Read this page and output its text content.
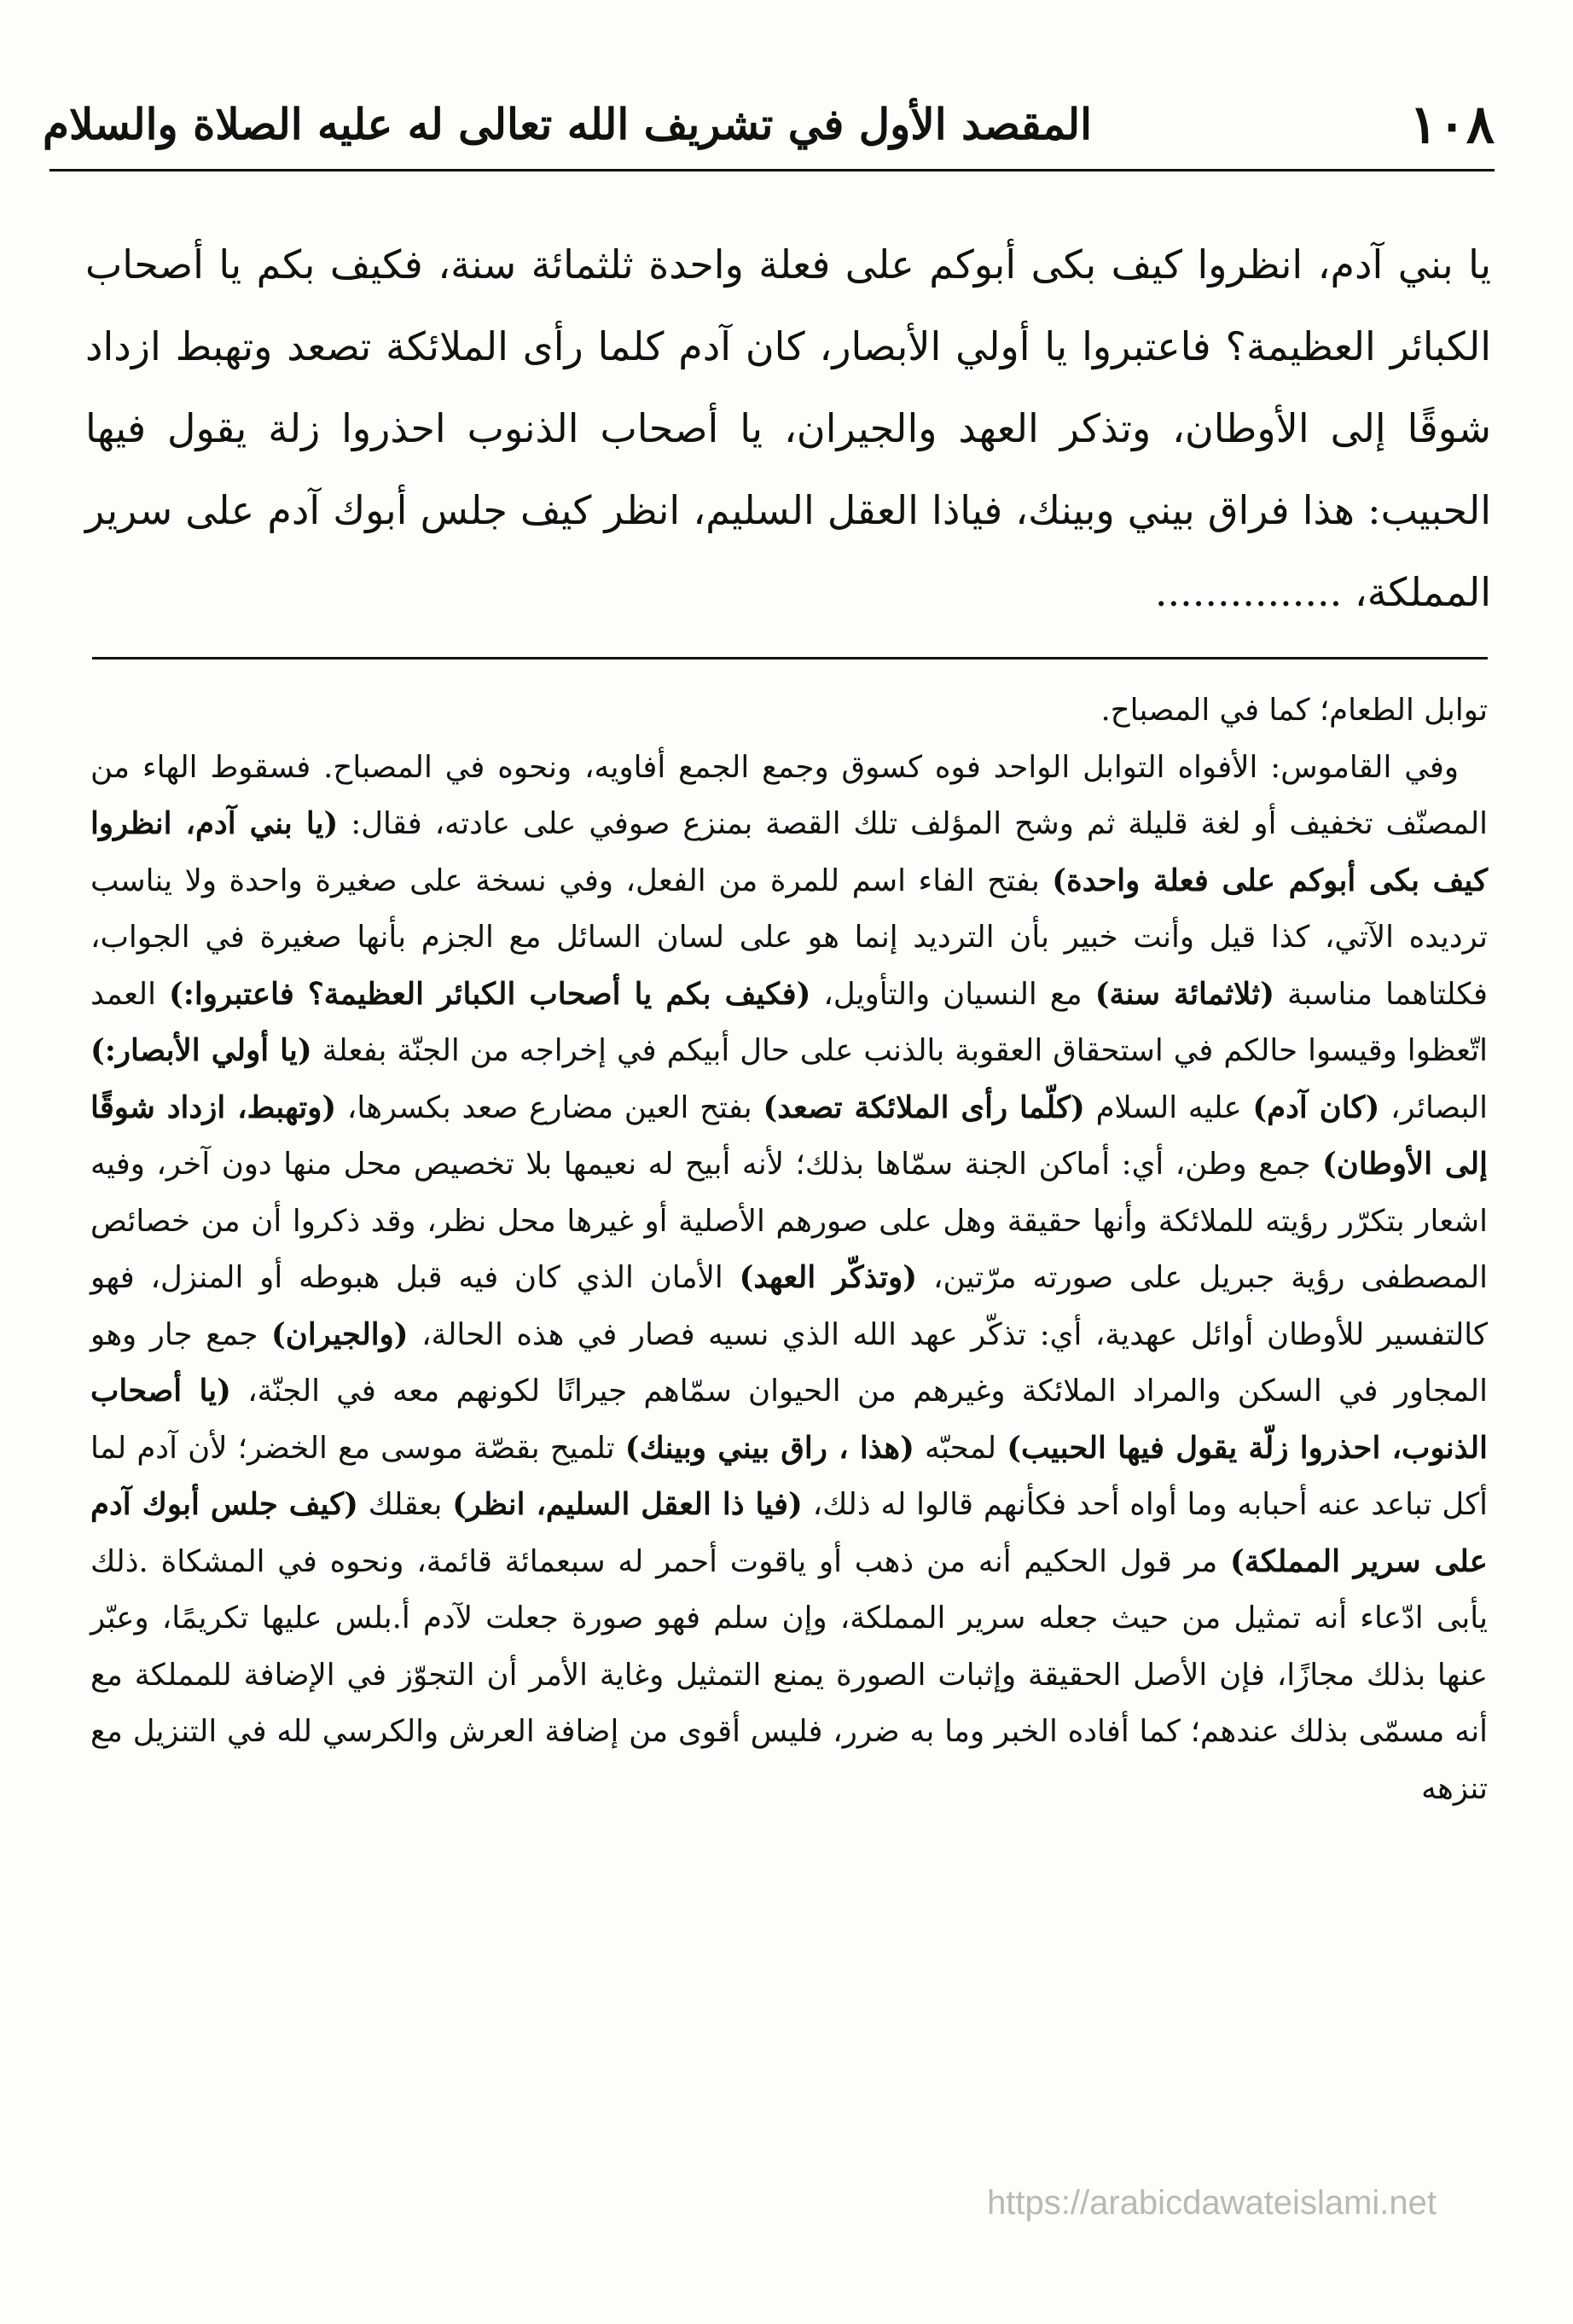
١٠٨
المقصد الأول في تشريف الله تعالى له عليه الصلاة والسلام

يا بني آدم، انظروا كيف بكى أبوكم على فعلة واحدة ثلثمائة سنة، فكيف بكم يا أصحاب الكبائر العظيمة؟ فاعتبروا يا أولي الأبصار، كان آدم كلما رأى الملائكة تصعد وتهبط ازداد شوقًا إلى الأوطان، وتذكر العهد والجيران، يا أصحاب الذنوب احذروا زلة يقول فيها الحبيب: هذا فراق بيني وبينك، فياذا العقل السليم، انظر كيف جلس أبوك آدم على سرير المملكة، ...............

توابل الطعام؛ كما في المصباح.

وفي القاموس: الأفواه التوابل الواحد فوه كسوق وجمع الجمع أفاويه، ونحوه في المصباح. فسقوط الهاء من المصنّف تخفيف أو لغة قليلة ثم وشح المؤلف تلك القصة بمنزع صوفي على عادته، فقال: (يا بني آدم، انظروا كيف بكى أبوكم على فعلة واحدة) بفتح الفاء اسم للمرة من الفعل، وفي نسخة على صغيرة واحدة ولا يناسب ترديده الآتي، كذا قيل وأنت خبير بأن الترديد إنما هو على لسان السائل مع الجزم بأنها صغيرة في الجواب، فكلتاهما مناسبة (ثلاثمائة سنة) مع النسيان والتأويل، (فكيف بكم يا أصحاب الكبائر العظيمة؟ فاعتبروا:) العمد اتّعظوا وقيسوا حالكم في استحقاق العقوبة بالذنب على حال أبيكم في إخراجه من الجنّة بفعلة (يا أولي الأبصار:) البصائر، (كان آدم) عليه السلام (كلّما رأى الملائكة تصعد) بفتح العين مضارع صعد بكسرها، (وتهبط، ازداد شوقًا إلى الأوطان) جمع وطن، أي: أماكن الجنة سمّاها بذلك؛ لأنه أبيح له نعيمها بلا تخصيص محل منها دون آخر، وفيه اشعار بتكرّر رؤيته للملائكة وأنها حقيقة وهل على صورهم الأصلية أو غيرها محل نظر، وقد ذكروا أن من خصائص المصطفى رؤية جبريل على صورته مرّتين، (وتذكّر العهد) الأمان الذي كان فيه قبل هبوطه أو المنزل، فهو كالتفسير للأوطان أوائل عهدية، أي: تذكّر عهد الله الذي نسيه فصار في هذه الحالة، (والجيران) جمع جار وهو المجاور في السكن والمراد الملائكة وغيرهم من الحيوان سمّاهم جيرانًا لكونهم معه في الجنّة، (يا أصحاب الذنوب، احذروا زلّة يقول فيها الحبيب) لمحبّه (هذا ، راق بيني وبينك) تلميح بقصّة موسى مع الخضر؛ لأن آدم لما أكل تباعد عنه أحبابه وما أواه أحد فكأنهم قالوا له ذلك، (فيا ذا العقل السليم، انظر) بعقلك (كيف جلس أبوك آدم على سرير المملكة) مر قول الحكيم أنه من ذهب أو ياقوت أحمر له سبعمائة قائمة، ونحوه في المشكاة .ذلك يأبى ادّعاء أنه تمثيل من حيث جعله سرير المملكة، وإن سلم فهو صورة جعلت لآدم أ.بلس عليها تكريمًا، وعبّر عنها بذلك مجازًا، فإن الأصل الحقيقة وإثبات الصورة يمنع التمثيل وغاية الأمر أن التجوّز في الإضافة للمملكة مع أنه مسمّى بذلك عندهم؛ كما أفاده الخبر وما به ضرر، فليس أقوى من إضافة العرش والكرسي لله في التنزيل مع تنزهه

https://arabicdawateislami.net
